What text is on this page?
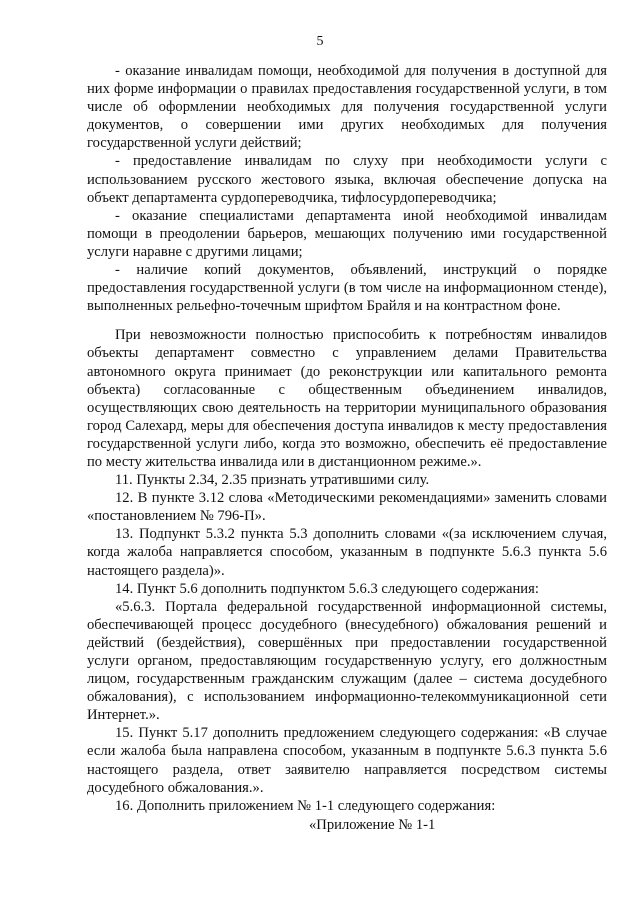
5

- оказание инвалидам помощи, необходимой для получения в доступной для них форме информации о правилах предоставления государственной услуги, в том числе об оформлении необходимых для получения государственной услуги документов, о совершении ими других необходимых для получения государственной услуги действий;

- предоставление инвалидам по слуху при необходимости услуги с использованием русского жестового языка, включая обеспечение допуска на объект департамента сурдопереводчика, тифлосурдопереводчика;

- оказание специалистами департамента иной необходимой инвалидам помощи в преодолении барьеров, мешающих получению ими государственной услуги наравне с другими лицами;

- наличие копий документов, объявлений, инструкций о порядке предоставления государственной услуги (в том числе на информационном стенде), выполненных рельефно-точечным шрифтом Брайля и на контрастном фоне.

При невозможности полностью приспособить к потребностям инвалидов объекты департамент совместно с управлением делами Правительства автономного округа принимает (до реконструкции или капитального ремонта объекта) согласованные с общественным объединением инвалидов, осуществляющих свою деятельность на территории муниципального образования город Салехард, меры для обеспечения доступа инвалидов к месту предоставления государственной услуги либо, когда это возможно, обеспечить её предоставление по месту жительства инвалида или в дистанционном режиме.».

11. Пункты 2.34, 2.35 признать утратившими силу.

12. В пункте 3.12 слова «Методическими рекомендациями» заменить словами «постановлением № 796-П».

13. Подпункт 5.3.2 пункта 5.3 дополнить словами «(за исключением случая, когда жалоба направляется способом, указанным в подпункте 5.6.3 пункта 5.6 настоящего раздела)».

14. Пункт 5.6 дополнить подпунктом 5.6.3 следующего содержания:

«5.6.3. Портала федеральной государственной информационной системы, обеспечивающей процесс досудебного (внесудебного) обжалования решений и действий (бездействия), совершённых при предоставлении государственной услуги органом, предоставляющим государственную услугу, его должностным лицом, государственным гражданским служащим (далее – система досудебного обжалования), с использованием информационно-телекоммуникационной сети Интернет.».

15. Пункт 5.17 дополнить предложением следующего содержания: «В случае если жалоба была направлена способом, указанным в подпункте 5.6.3 пункта 5.6 настоящего раздела, ответ заявителю направляется посредством системы досудебного обжалования.».

16. Дополнить приложением № 1-1 следующего содержания:

«Приложение № 1-1
